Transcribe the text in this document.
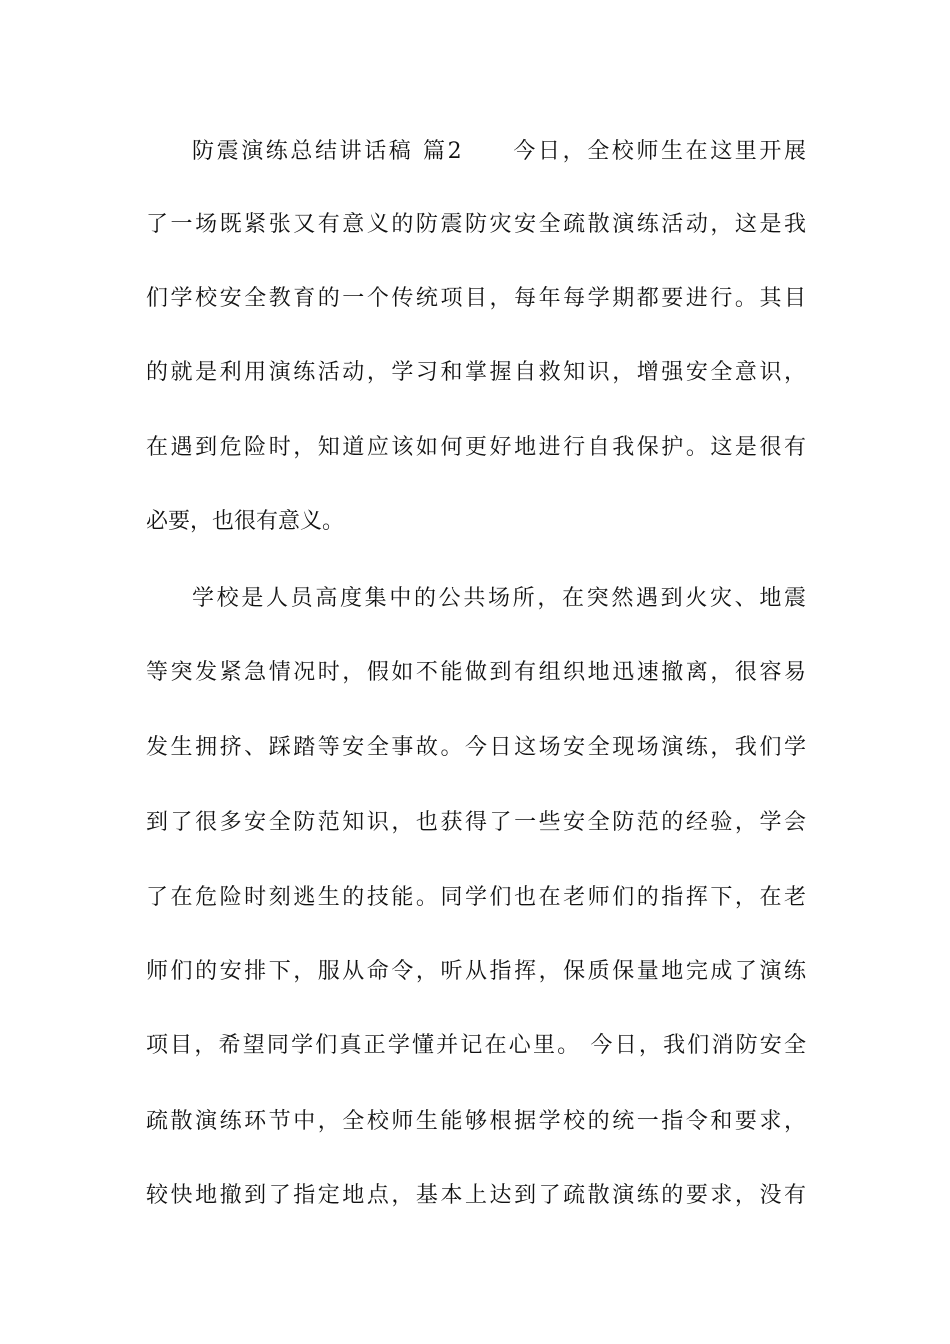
防震演练总结讲话稿 篇2　　今日，全校师生在这里开展
了一场既紧张又有意义的防震防灾安全疏散演练活动，这是我
们学校安全教育的一个传统项目，每年每学期都要进行。其目
的就是利用演练活动，学习和掌握自救知识，增强安全意识，
在遇到危险时，知道应该如何更好地进行自我保护。这是很有
必要，也很有意义。
学校是人员高度集中的公共场所，在突然遇到火灾、地震
等突发紧急情况时，假如不能做到有组织地迅速撤离，很容易
发生拥挤、踩踏等安全事故。今日这场安全现场演练，我们学
到了很多安全防范知识，也获得了一些安全防范的经验，学会
了在危险时刻逃生的技能。同学们也在老师们的指挥下，在老
师们的安排下，服从命令，听从指挥，保质保量地完成了演练
项目，希望同学们真正学懂并记在心里。 今日，我们消防安全
疏散演练环节中，全校师生能够根据学校的统一指令和要求，
较快地撤到了指定地点，基本上达到了疏散演练的要求，没有
